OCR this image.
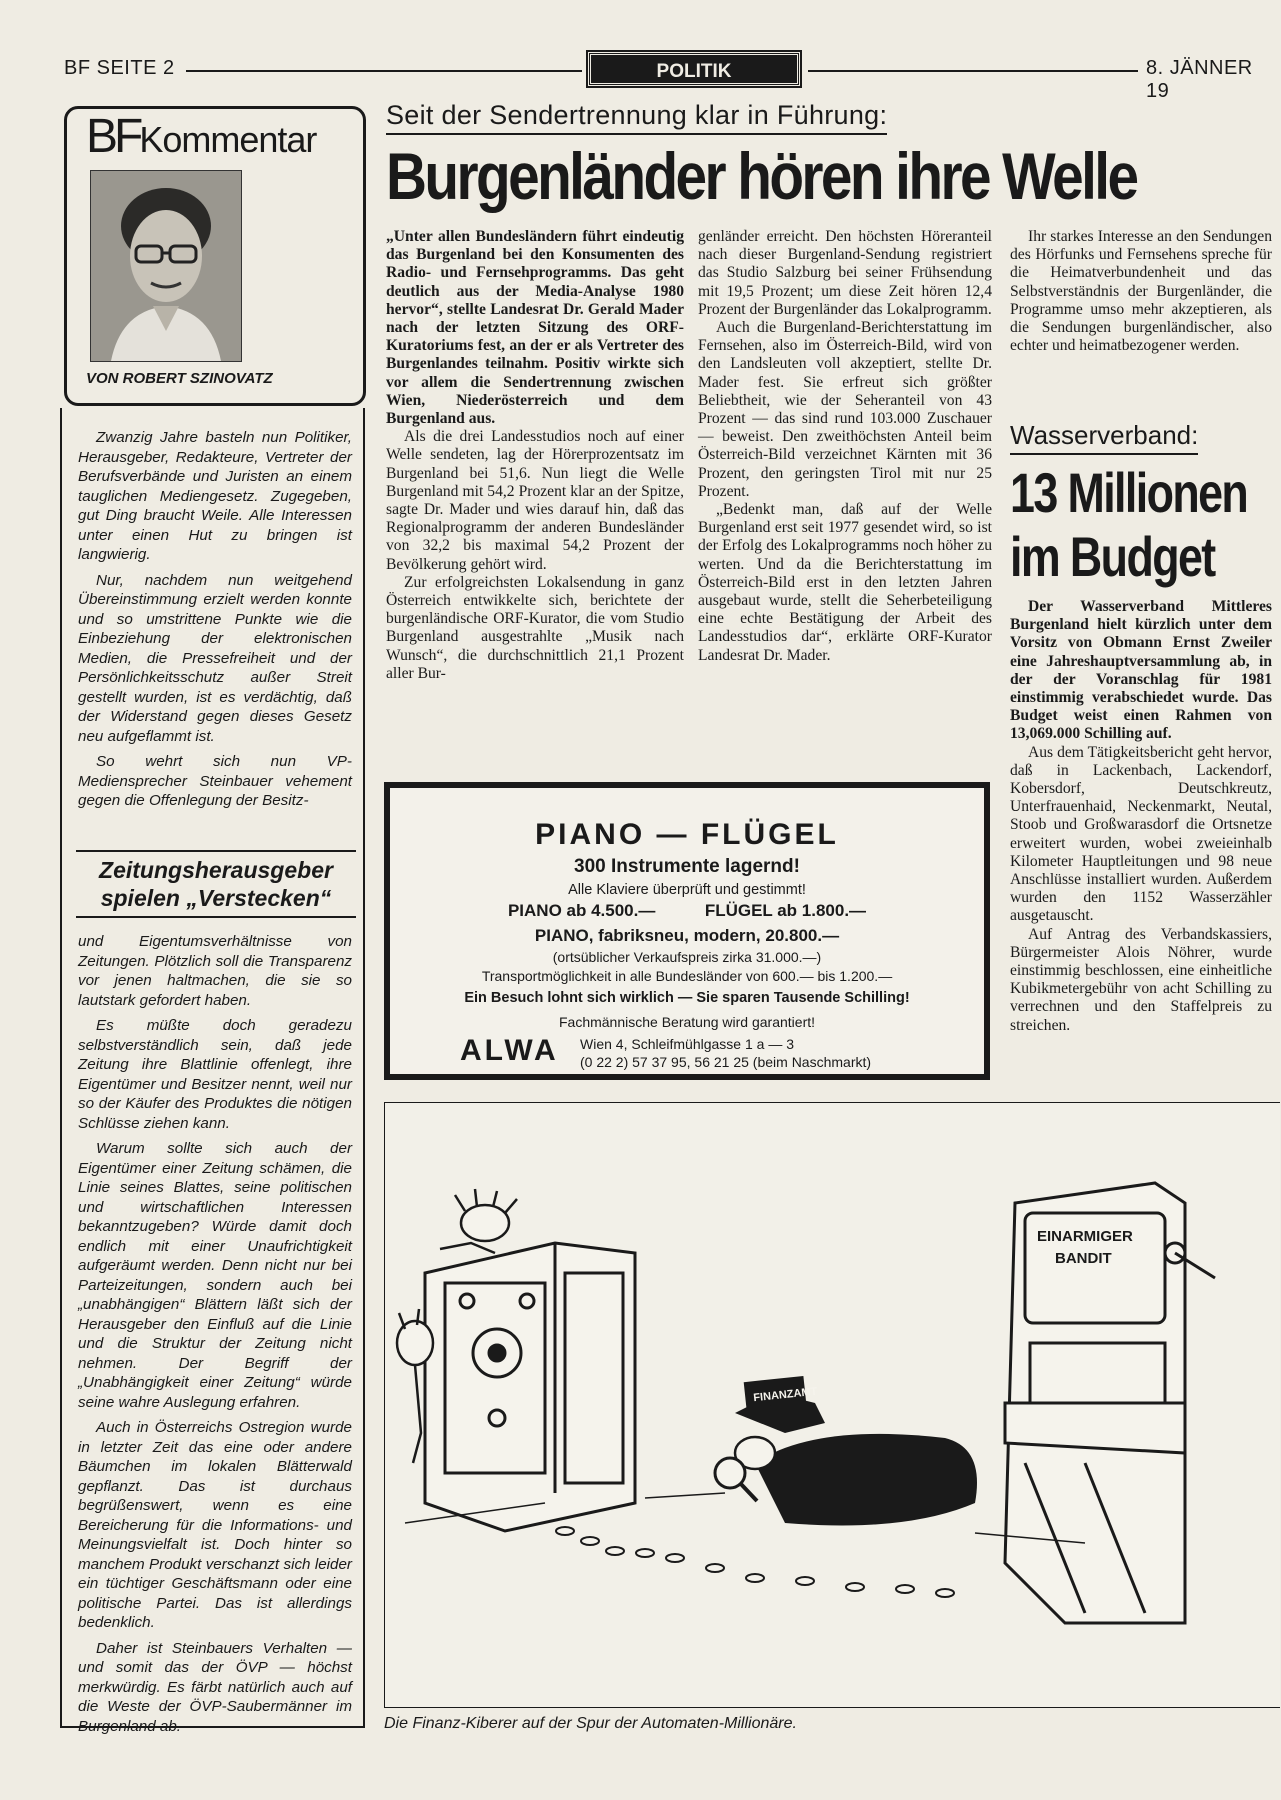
BF SEITE 2	POLITIK	8. JÄNNER 19
BFKommentar
VON ROBERT SZINOVATZ

Zwanzig Jahre basteln nun Politiker, Herausgeber, Redakteure, Vertreter der Berufsverbände und Juristen an einem tauglichen Mediengesetz. Zugegeben, gut Ding braucht Weile. Alle Interessen unter einen Hut zu bringen ist langwierig.

Nur, nachdem nun weitgehend Übereinstimmung erzielt werden konnte und so umstrittene Punkte wie die Einbeziehung der elektronischen Medien, die Pressefreiheit und der Persönlichkeitsschutz außer Streit gestellt wurden, ist es verdächtig, daß der Widerstand gegen dieses Gesetz neu aufgeflammt ist.

So wehrt sich nun VP-Mediensprecher Steinbauer vehement gegen die Offenlegung der Besitz-

Zeitungsherausgeber spielen „Verstecken“

und Eigentumsverhältnisse von Zeitungen. Plötzlich soll die Transparenz vor jenen haltmachen, die sie so lautstark gefordert haben.

Es müßte doch geradezu selbstverständlich sein, daß jede Zeitung ihre Blattlinie offenlegt, ihre Eigentümer und Besitzer nennt, weil nur so der Käufer des Produktes die nötigen Schlüsse ziehen kann.

Warum sollte sich auch der Eigentümer einer Zeitung schämen, die Linie seines Blattes, seine politischen und wirtschaftlichen Interessen bekanntzugeben? Würde damit doch endlich mit einer Unaufrichtigkeit aufgeräumt werden. Denn nicht nur bei Parteizeitungen, sondern auch bei „unabhängigen“ Blättern läßt sich der Herausgeber den Einfluß auf die Linie und die Struktur der Zeitung nicht nehmen. Der Begriff der „Unabhängigkeit einer Zeitung“ würde seine wahre Auslegung erfahren.

Auch in Österreichs Ostregion wurde in letzter Zeit das eine oder andere Bäumchen im lokalen Blätterwald gepflanzt. Das ist durchaus begrüßenswert, wenn es eine Bereicherung für die Informations- und Meinungsvielfalt ist. Doch hinter so manchem Produkt verschanzt sich leider ein tüchtiger Geschäftsmann oder eine politische Partei. Das ist allerdings bedenklich.

Daher ist Steinbauers Verhalten — und somit das der ÖVP — höchst merkwürdig. Es färbt natürlich auch auf die Weste der ÖVP-Saubermänner im Burgenland ab.

Seit der Sendertrennung klar in Führung:
Burgenländer hören ihre Welle

„Unter allen Bundesländern führt eindeutig das Burgenland bei den Konsumenten des Radio- und Fernsehprogramms. Das geht deutlich aus der Media-Analyse 1980 hervor“, stellte Landesrat Dr. Gerald Mader nach der letzten Sitzung des ORF-Kuratoriums fest, an der er als Vertreter des Burgenlandes teilnahm. Positiv wirkte sich vor allem die Sendertrennung zwischen Wien, Niederösterreich und dem Burgenland aus.

Als die drei Landesstudios noch auf einer Welle sendeten, lag der Hörerprozentsatz im Burgenland bei 51,6. Nun liegt die Welle Burgenland mit 54,2 Prozent klar an der Spitze, sagte Dr. Mader und wies darauf hin, daß das Regionalprogramm der anderen Bundesländer von 32,2 bis maximal 54,2 Prozent der Bevölkerung gehört wird.

Zur erfolgreichsten Lokalsendung in ganz Österreich entwikkelte sich, berichtete der burgenländische ORF-Kurator, die vom Studio Burgenland ausgestrahlte „Musik nach Wunsch“, die durchschnittlich 21,1 Prozent aller Bur-

genländer erreicht. Den höchsten Höreranteil nach dieser Burgenland-Sendung registriert das Studio Salzburg bei seiner Frühsendung mit 19,5 Prozent; um diese Zeit hören 12,4 Prozent der Burgenländer das Lokalprogramm.

Auch die Burgenland-Berichterstattung im Fernsehen, also im Österreich-Bild, wird von den Landsleuten voll akzeptiert, stellte Dr. Mader fest. Sie erfreut sich größter Beliebtheit, wie der Seheranteil von 43 Prozent — das sind rund 103.000 Zuschauer — beweist. Den zweithöchsten Anteil beim Österreich-Bild verzeichnet Kärnten mit 36 Prozent, den geringsten Tirol mit nur 25 Prozent.

„Bedenkt man, daß auf der Welle Burgenland erst seit 1977 gesendet wird, so ist der Erfolg des Lokalprogramms noch höher zu werten. Und da die Berichterstattung im Österreich-Bild erst in den letzten Jahren ausgebaut wurde, stellt die Seherbeteiligung eine echte Bestätigung der Arbeit des Landesstudios dar“, erklärte ORF-Kurator Landesrat Dr. Mader.

Ihr starkes Interesse an den Sendungen des Hörfunks und Fernsehens spreche für die Heimatverbundenheit und das Selbstverständnis der Burgenländer, die Programme umso mehr akzeptieren, als die Sendungen burgenländischer, also echter und heimatbezogener werden.

PIANO — FLÜGEL
300 Instrumente lagernd!
Alle Klaviere überprüft und gestimmt!
PIANO ab 4.500.—	FLÜGEL ab 1.800.—
PIANO, fabriksneu, modern, 20.800.—
(ortsüblicher Verkaufspreis zirka 31.000.—)
Transportmöglichkeit in alle Bundesländer von 600.— bis 1.200.—
Ein Besuch lohnt sich wirklich — Sie sparen Tausende Schilling!
Fachmännische Beratung wird garantiert!
ALWA	Wien 4, Schleifmühlgasse 1 a — 3
(0 22 2) 57 37 95, 56 21 25 (beim Naschmarkt)
Wasserverband:
13 Millionen
im Budget

Der Wasserverband Mittleres Burgenland hielt kürzlich unter dem Vorsitz von Obmann Ernst Zweiler eine Jahreshauptversammlung ab, in der der Voranschlag für 1981 einstimmig verabschiedet wurde. Das Budget weist einen Rahmen von 13,069.000 Schilling auf.

Aus dem Tätigkeitsbericht geht hervor, daß in Lackenbach, Lackendorf, Kobersdorf, Deutschkreutz, Unterfrauenhaid, Neckenmarkt, Neutal, Stoob und Großwarasdorf die Ortsnetze erweitert wurden, wobei zweieinhalb Kilometer Hauptleitungen und 98 neue Anschlüsse installiert wurden. Außerdem wurden den 1152 Wasserzähler ausgetauscht.

Auf Antrag des Verbandskassiers, Bürgermeister Alois Nöhrer, wurde einstimmig beschlossen, eine einheitliche Kubikmetergebühr von acht Schilling zu verrechnen und den Staffelpreis zu streichen.

FINANZAMT
EINARMIGER
BANDIT
Die Finanz-Kiberer auf der Spur der Automaten-Millionäre.
